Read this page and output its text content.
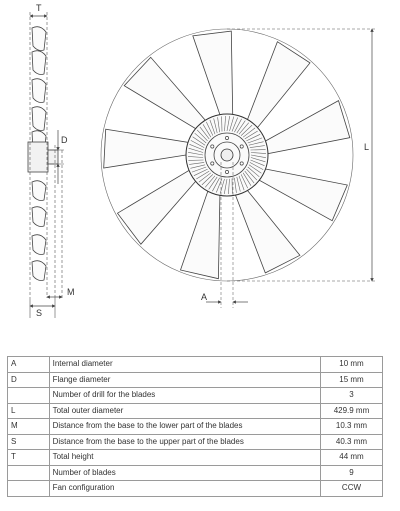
T
D
M
S
L
A
A	Internal diameter	10 mm
D	Flange diameter	15 mm
	Number of drill for the blades	3
L	Total outer diameter	429.9 mm
M	Distance from the base to the lower part of the blades	10.3 mm
S	Distance from the base to the upper part of the blades	40.3 mm
T	Total height	44 mm
	Number of blades	9
	Fan configuration	CCW
